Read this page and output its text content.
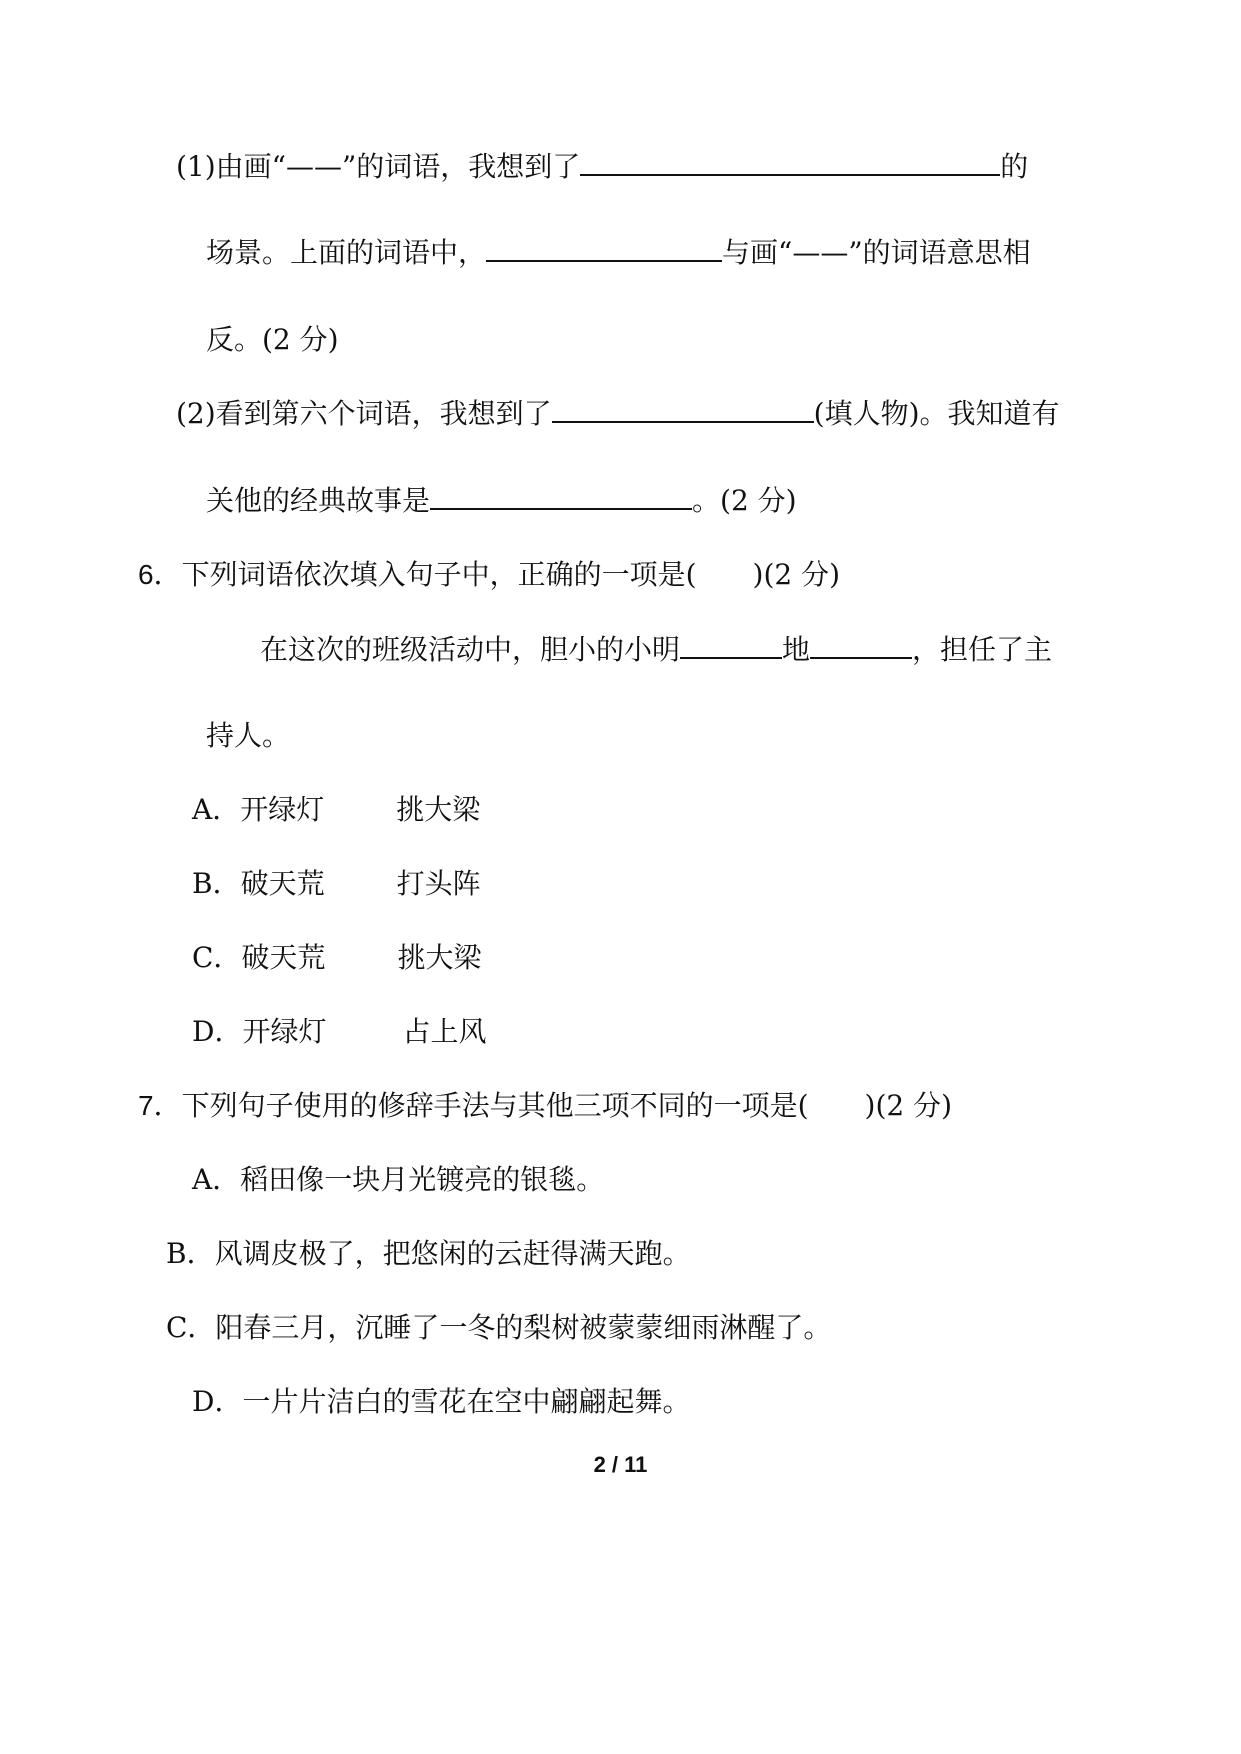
(1)由画“——”的词语，我想到了	的
场景。上面的词语中，	与画“——”的词语意思相
反。(2 分)
(2)看到第六个词语，我想到了	(填人物)。我知道有
关他的经典故事是	。(2 分)
6．下列词语依次填入句子中，正确的一项是( )(2 分)
在这次的班级活动中，胆小的小明	地	，担任了主
持人。
A．开绿灯	挑大梁
B．破天荒	打头阵
C．破天荒	挑大梁
D．开绿灯	占上风
7．下列句子使用的修辞手法与其他三项不同的一项是( )(2 分)
A．稻田像一块月光镀亮的银毯。
B．风调皮极了，把悠闲的云赶得满天跑。
C．阳春三月，沉睡了一冬的梨树被蒙蒙细雨淋醒了。
D．一片片洁白的雪花在空中翩翩起舞。
2 / 11
